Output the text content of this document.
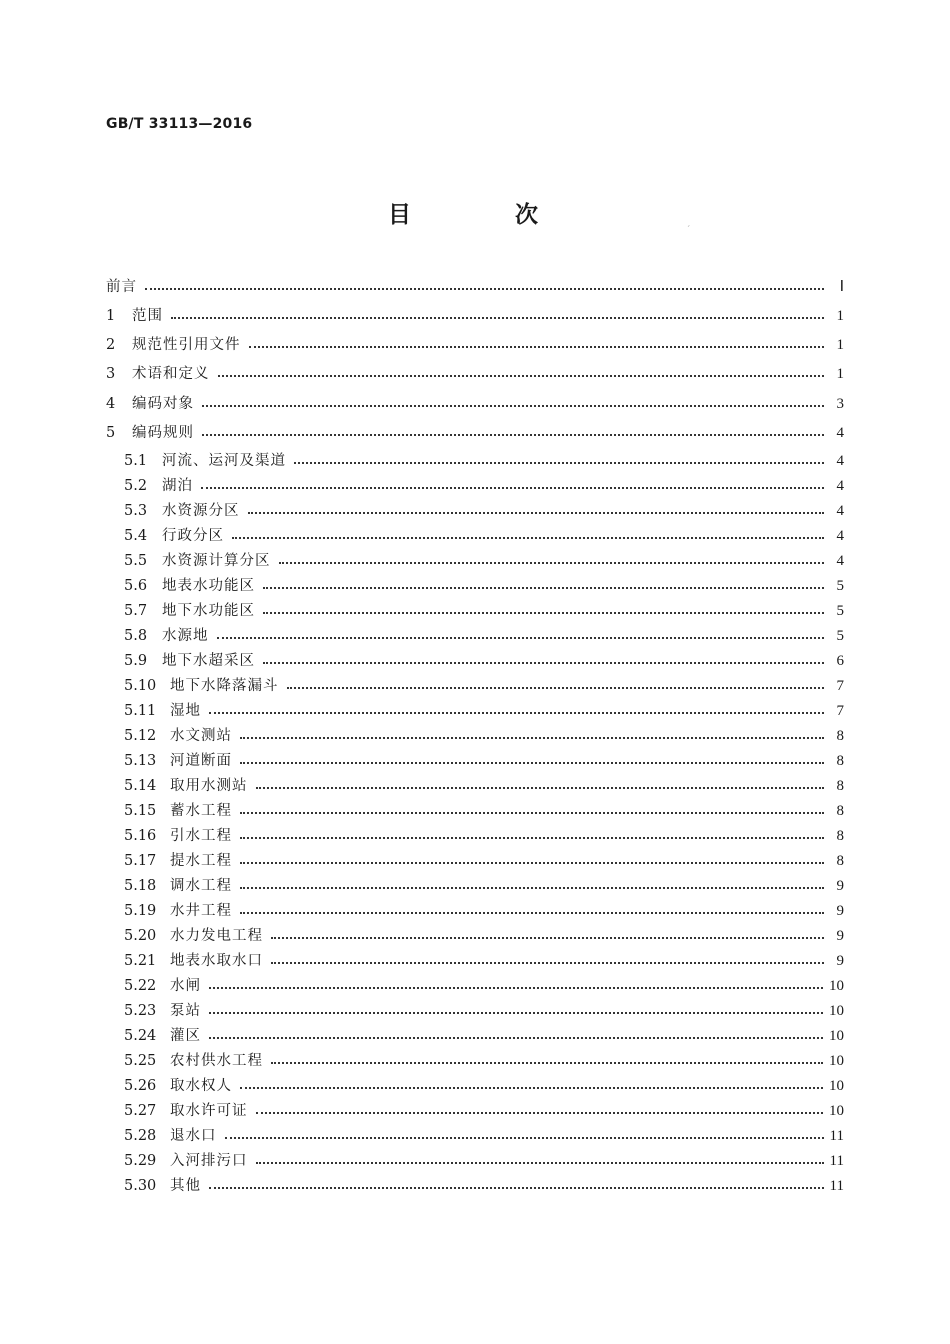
GB/T 33113—2016
目 次
ˊ
前言	Ⅰ
1	范围	1
2	规范性引用文件	1
3	术语和定义	1
4	编码对象	3
5	编码规则	4
5.1	河流、运河及渠道	4
5.2	湖泊	4
5.3	水资源分区	4
5.4	行政分区	4
5.5	水资源计算分区	4
5.6	地表水功能区	5
5.7	地下水功能区	5
5.8	水源地	5
5.9	地下水超采区	6
5.10 地下水降落漏斗	7
5.11 湿地	7
5.12 水文测站	8
5.13 河道断面	8
5.14 取用水测站	8
5.15 蓄水工程	8
5.16 引水工程	8
5.17 提水工程	8
5.18 调水工程	9
5.19 水井工程	9
5.20 水力发电工程	9
5.21 地表水取水口	9
5.22 水闸	10
5.23 泵站	10
5.24 灌区	10
5.25 农村供水工程	10
5.26 取水权人	10
5.27 取水许可证	10
5.28 退水口	11
5.29 入河排污口	11
5.30 其他	11
